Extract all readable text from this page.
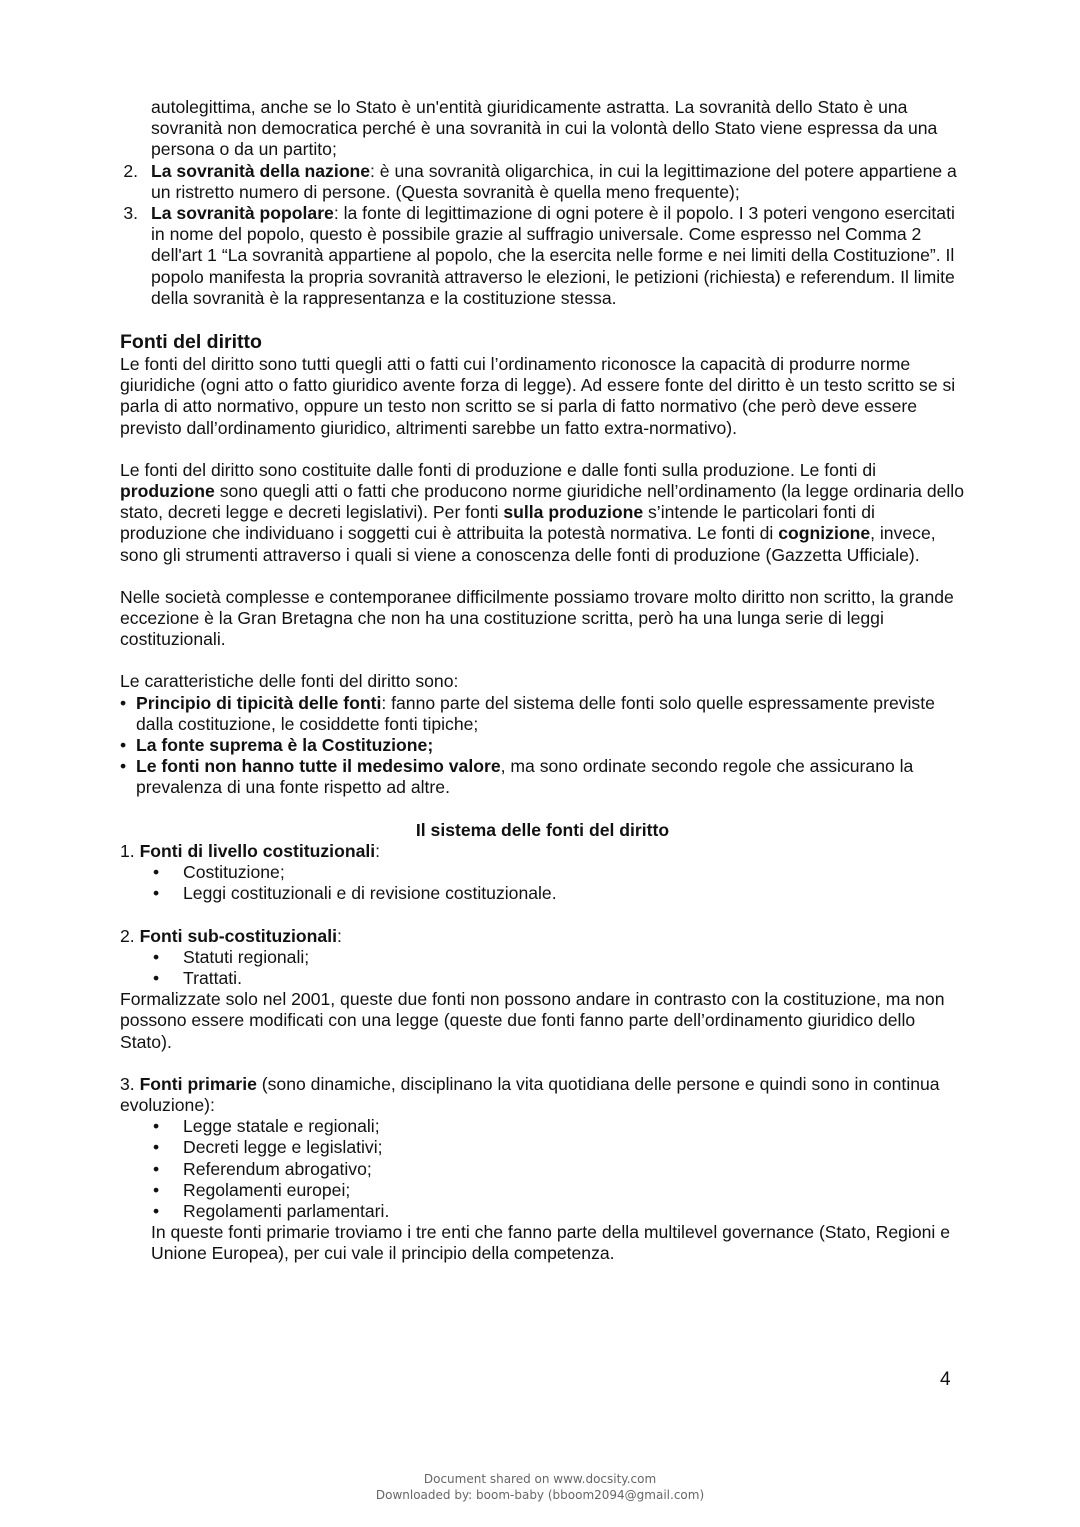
autolegittima, anche se lo Stato è un'entità giuridicamente astratta. La sovranità dello Stato è una sovranità non democratica perché è una sovranità in cui la volontà dello Stato viene espressa da una persona o da un partito;
2. La sovranità della nazione: è una sovranità oligarchica, in cui la legittimazione del potere appartiene a un ristretto numero di persone. (Questa sovranità è quella meno frequente);
3. La sovranità popolare: la fonte di legittimazione di ogni potere è il popolo. I 3 poteri vengono esercitati in nome del popolo, questo è possibile grazie al suffragio universale. Come espresso nel Comma 2 dell'art 1 “La sovranità appartiene al popolo, che la esercita nelle forme e nei limiti della Costituzione”. Il popolo manifesta la propria sovranità attraverso le elezioni, le petizioni (richiesta) e referendum. Il limite della sovranità è la rappresentanza e la costituzione stessa.

Fonti del diritto

Le fonti del diritto sono tutti quegli atti o fatti cui l’ordinamento riconosce la capacità di produrre norme giuridiche (ogni atto o fatto giuridico avente forza di legge). Ad essere fonte del diritto è un testo scritto se si parla di atto normativo, oppure un testo non scritto se si parla di fatto normativo (che però deve essere previsto dall’ordinamento giuridico, altrimenti sarebbe un fatto extra-normativo).

Le fonti del diritto sono costituite dalle fonti di produzione e dalle fonti sulla produzione. Le fonti di produzione sono quegli atti o fatti che producono norme giuridiche nell’ordinamento (la legge ordinaria dello stato, decreti legge e decreti legislativi). Per fonti sulla produzione s’intende le particolari fonti di produzione che individuano i soggetti cui è attribuita la potestà normativa. Le fonti di cognizione, invece, sono gli strumenti attraverso i quali si viene a conoscenza delle fonti di produzione (Gazzetta Ufficiale).

Nelle società complesse e contemporanee difficilmente possiamo trovare molto diritto non scritto, la grande eccezione è la Gran Bretagna che non ha una costituzione scritta, però ha una lunga serie di leggi costituzionali.

Le caratteristiche delle fonti del diritto sono:

• Principio di tipicità delle fonti: fanno parte del sistema delle fonti solo quelle espressamente previste dalla costituzione, le cosiddette fonti tipiche;
• La fonte suprema è la Costituzione;
• Le fonti non hanno tutte il medesimo valore, ma sono ordinate secondo regole che assicurano la prevalenza di una fonte rispetto ad altre.

Il sistema delle fonti del diritto

1. Fonti di livello costituzionali:

• Costituzione;
• Leggi costituzionali e di revisione costituzionale.

2. Fonti sub-costituzionali:

• Statuti regionali;
• Trattati.

Formalizzate solo nel 2001, queste due fonti non possono andare in contrasto con la costituzione, ma non possono essere modificati con una legge (queste due fonti fanno parte dell’ordinamento giuridico dello Stato).

3. Fonti primarie (sono dinamiche, disciplinano la vita quotidiana delle persone e quindi sono in continua evoluzione):

• Legge statale e regionali;
• Decreti legge e legislativi;
• Referendum abrogativo;
• Regolamenti europei;
• Regolamenti parlamentari.

In queste fonti primarie troviamo i tre enti che fanno parte della multilevel governance (Stato, Regioni e Unione Europea), per cui vale il principio della competenza.

4
Document shared on www.docsity.com
Downloaded by: boom-baby (bboom2094@gmail.com)
